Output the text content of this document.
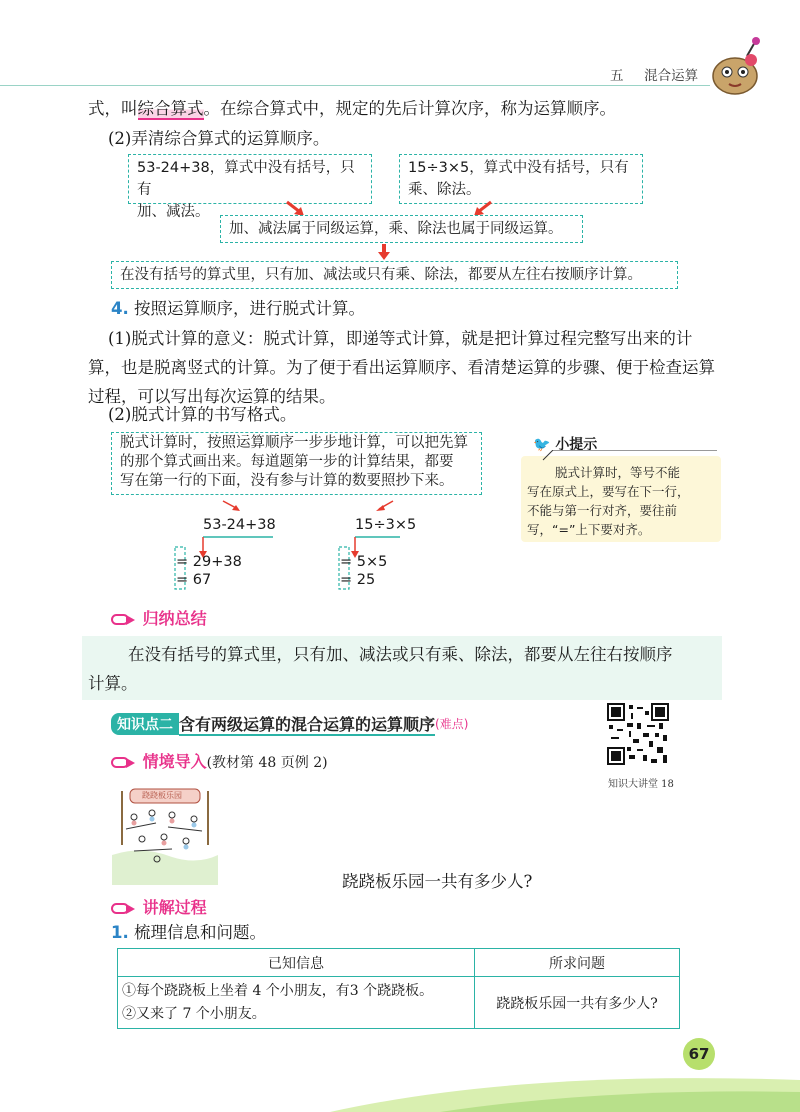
五 混合运算
式，叫综合算式。在综合算式中，规定的先后计算次序，称为运算顺序。
(2)弄清综合算式的运算顺序。
53-24+38，算式中没有括号，只有
加、减法。
15÷3×5，算式中没有括号，只有
乘、除法。
加、减法属于同级运算，乘、除法也属于同级运算。
在没有括号的算式里，只有加、减法或只有乘、除法，都要从左往右按顺序计算。
4. 按照运算顺序，进行脱式计算。
(1)脱式计算的意义：脱式计算，即递等式计算，就是把计算过程完整写出来的计
算，也是脱离竖式的计算。为了便于看出运算顺序、看清楚运算的步骤、便于检查运算
过程，可以写出每次运算的结果。
(2)脱式计算的书写格式。
脱式计算时，按照运算顺序一步步地计算，可以把先算
的那个算式画出来。每道题第一步的计算结果，都要
写在第一行的下面，没有参与计算的数要照抄下来。
53-24+38
= 29+38
= 67
15÷3×5
= 5×5
= 25
🐦 小提示
脱式计算时，等号不能
写在原式上，要写在下一行，
不能与第一行对齐，要往前
写，“=”上下要对齐。
归纳总结
在没有括号的算式里，只有加、减法或只有乘、除法，都要从左往右按顺序
计算。
知识点二 含有两级运算的混合运算的运算顺序(难点)
知识大讲堂 18
情境导入(教材第 48 页例 2)
跷跷板乐园
跷跷板乐园一共有多少人?
讲解过程
1. 梳理信息和问题。
已知信息	所求问题

①每个跷跷板上坐着 4 个小朋友，有3 个跷跷板。
②又来了 7 个小朋友。	跷跷板乐园一共有多少人?
67
